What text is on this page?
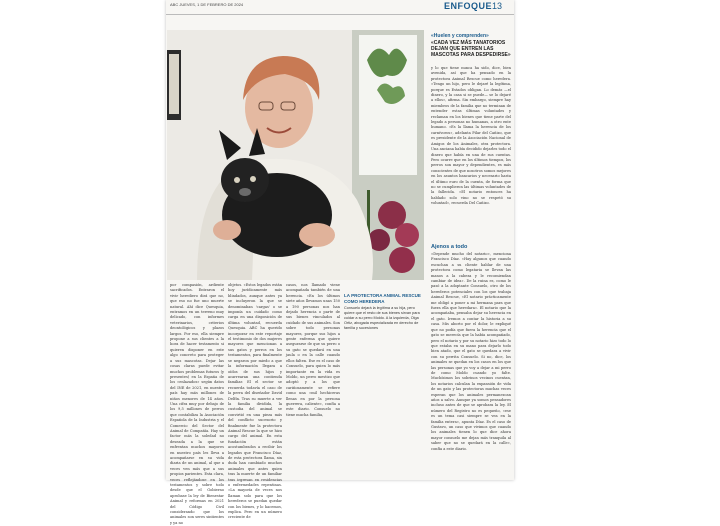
ABC JUEVES, 1 DE FEBRERO DE 2024	ENFOQUE 13
LA PROTECTORA ANIMAL RESCUE COMO HEREDERA
Consuelo dejará la legítima a su hija, pero quiere que el resto de sus bienes sirvan para cuidar a su perro Moldo. A la izquierda, Olga Ortiz, abogada especializada en derecho de familia y sucesiones

por compasión, ardiente sacrificados. Entraron el vivir herediero dirá que no, que eso no fue uno muerte natural. Ahí dice Quesquia, entramos en un terreno muy delicado, con informes veterinarios, criterios deontológicos y plazos largos. Por eso, ella siempre propone a sus clientes a la hora de hacer testamento si quieren disponer en este algo concreto para proteger a sus mascotas. Dejar las cosas claras puede evitar muchos problemas futuros (y presentes) en la España de los «enlazados» según datos del INE de 2021, en nuestro país hay más millones de niños menores de 14 años. Una cifra muy por debajo de los 9,5 millones de perros que contabiliza la Asociación Española de la Industria y el Comercio del Sector del Animal de Compañía. Hay un factor más la soledad no deseada a la que se enfrentan muchos mayores en nuestro país les lleva a acompañarse en su vida diaria de un animal, al que a veces ven más que a sus propios parientes. Esta clara, veces reflejándose en los testamentos y sobre todo desde que el Gobierno aprobase la ley de Bienestar Animal y reformas en 2021 del Código Civil considerando que los animales son seres sintientes y ya no

objetos. «Estos legados están hoy jurídicamente más blindados, aunque antes ya se incluyeron la que se denominaban 'cargas' o se imponía un cuidado como carga en una disposición de última voluntad, recuerda Quesquia. ABC ha querido incorporar en este reportaje el testimonio de dos mujeres mayores que mencionan a sus gatos y perros en los testamentos, para finalmente se negaron por miedo a que la información llegara a oídos de sus hijos y acarrearan una contienda familiar. El el sector se recuerda todavía el caso de la perra del diseñador David Delfín. Tras su muerte a ver la familia dividida, la custodia del animal se convirtió en una pieza más del conflicto sucesorio y finalmente fue la protectora Animal Rescue la que se hizo cargo del animal. En esta fundación están acostumbrados a recibir los legados que Francisco Díaz, de esta protectora llama, sin duda han cambiado muchos animales que antes quien tras la muerte de un familiar tras irgresan en residencias o enfermedades repentinas. «La mayoría de veces nos llaman solo para que los herederos se puedan quedar con los bienes, y lo hacemos, explica. Pero en un número creciente de

casos, nos llamado viene acompañada también de una herencia. «En los últimos siete años llevamos unas 150 a 190 personas nos han dejado herencia o parte de sus bienes vinculados al cuidado de sus animales. Son sobre todo personas mayores, porque sus hijos a gente enferma que quiere asegurarse de que su perro o su gato se quedará en una jaula o en la calle cuando ellos falten. Ese es el caso de Consuelo, para quien lo más importante en la vida es Moldo, un perro mestizo que adoptó y a los que cariñosamente se refiere como una «mil hechiceras llenas en por la persona guerrera, caliente», confía a este diario. Consuelo no tiene mucha familia,

«Huelen y comprenden»
«CADA VEZ MÁS TANATORIOS DEJAN QUE ENTREN LAS MASCOTAS PARA DESPEDIRSE»

y lo que tiene nunca ha sido, dice, bien avenida, así que ha pensado en la protectora Animal Rescue como heredera. «Tengo un hijo, pero le dejaré la legítima, porque es Estados obligan. Lo demás —el dinero, y la casa si se puede— se lo dejaré a ellos», afirma. Sin embargo, siempre hay miembros de la familia que no terminan de entender estas últimas voluntades y reclaman en los bienes que tiene parte del legado a personas no humanas, a otro ente humano. «Es la llama la herencia de los carnívoros», adelanta Pilar del Cañizo, que es presidente de la Asociación Nacional de Amigos de los Animales, otra protectora. Una anciana había decidido dejarles todo el dinero que había en una de sus cuentas. Pero ocurre que en los últimos tiempos, los perros son mayor y dependientes, es más conscientes de que nosotros somos mejores en los asuntos bancarios y necesario hasta el último euro de la cuenta, de forma que no se cumplieron las últimas voluntades de la fallecida. «El notario entonces ha hablado solo vino no se respetó su voluntad», recuerda Del Cañizo.

Ajenos a todo

«Depende mucho del notario», menciona Francisco Díaz. «Hay algunos que cuando escuchan a su cliente hablar de una protectora como legataria se llevan las manos a la cabeza y le recomiendan cambiar de idea». De la ruina es, como le pasó a la adoptante Consuelo, otro de los herederos potenciales con los que trabaja Animal Rescue, «El notario prácticamente me obligó a poner a mi hermana para que fuera ella que heredara». El notario que la acompañaba, pensaba dejar su herencia en el gato. Iremos a contar la historia a su casa. Mis aborto por el dolor, le expliqué que no podía que fuera la herencia que el gato se merecía que la había acompañado, pero el notario y por su notario hizo todo lo que estaba en su mano para dejarlo todo bien atado, que el gato se quedara a vivir con su perrita Consuelo. Si no, dice, los animales se quedan en los casos en los que las personas que yo voy a dejar a mi perro de como Moldo cuando yo falte. Muchísimos los sobrinos vecinos cuentan, los notarios calculan la expansión de vida de un gato y las protectoras muchas veces esperan que los animales permanezcan años a salvo. Aunque ya somos pensadores incluso antes de que se aprobara la ley. El número del Registro no es pequeño, «ese es un tema casi siempre se vea en la familia entera», apunta Díaz. Es el caso de Gustavo, un caso que vivimos que cuando los animales tienen lo que dice ahora mayor consuelo me dejan más tranquila al saber que no se quedará en la calle», confía a este diario.
